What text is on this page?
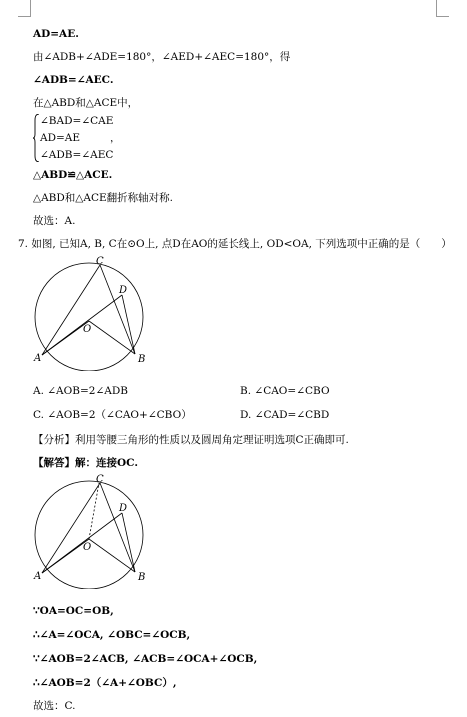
AD=AE.
由∠ADB+∠ADE=180°，∠AED+∠AEC=180°，得
∠ADB=∠AEC.
在△ABD和△ACE中，
∠BAD=∠CAE
AD=AE	，
∠ADB=∠AEC
△ABD≌△ACE.
△ABD和△ACE翻折称轴对称.
故选：A.
7. 如图, 已知A, B, C在⊙O上, 点D在AO的延长线上, OD<OA, 下列选项中正确的是（　　）
C
D
O
A	B
A. ∠AOB=2∠ADB	B. ∠CAO=∠CBO
C. ∠AOB=2（∠CAO+∠CBO）	D. ∠CAD=∠CBD
【分析】利用等腰三角形的性质以及圆周角定理证明选项C正确即可.
【解答】解：连接OC.
C
D
O
A	B
∵OA=OC=OB,
∴∠A=∠OCA, ∠OBC=∠OCB,
∵∠AOB=2∠ACB, ∠ACB=∠OCA+∠OCB,
∴∠AOB=2（∠A+∠OBC）,
故选：C.
